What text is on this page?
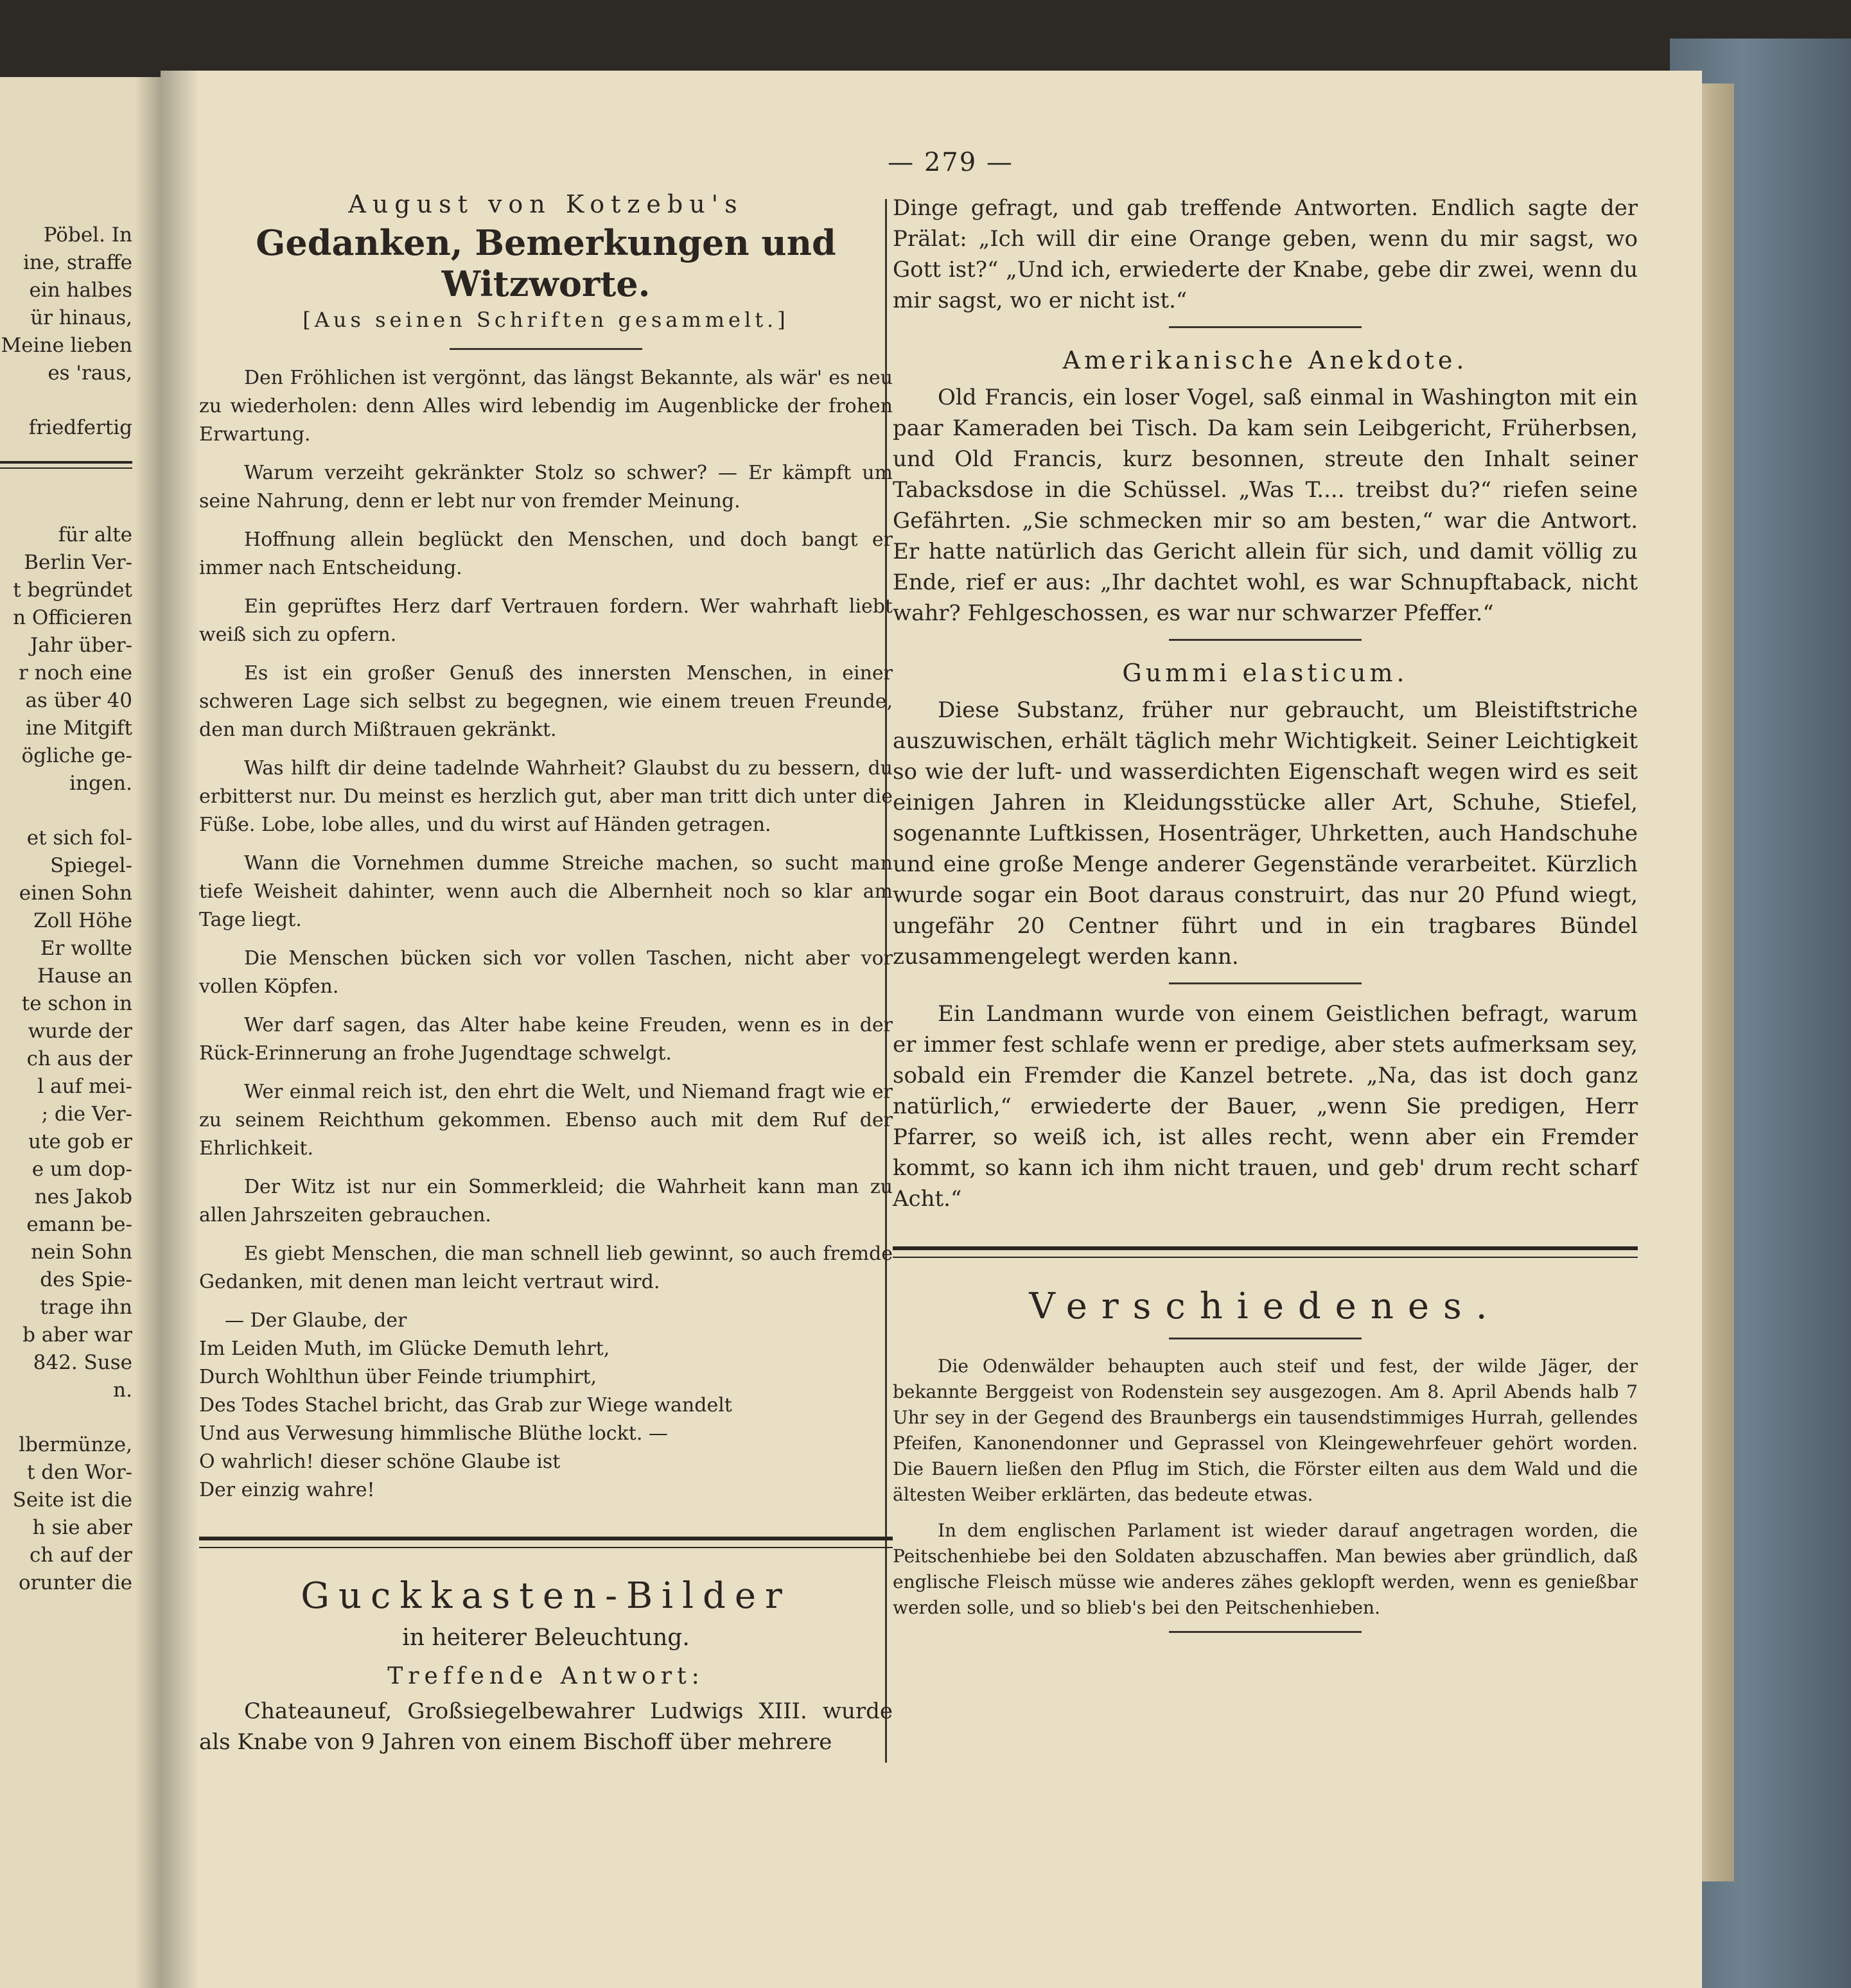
Pöbel. In
ine, straffe
ein halbes
ür hinaus,
Meine lieben
es 'raus,
friedfertig
für alte
Berlin Ver-
t begründet
n Officieren
Jahr über-
r noch eine
as über 40
ine Mitgift
ögliche ge-
ingen.
et sich fol-
Spiegel-
einen Sohn
Zoll Höhe
Er wollte
Hause an
te schon in
wurde der
ch aus der
l auf mei-
; die Ver-
ute gob er
e um dop-
nes Jakob
emann be-
nein Sohn
des Spie-
trage ihn
b aber war
842. Suse
n.
lbermünze,
t den Wor-
Seite ist die
h sie aber
ch auf der
orunter die
— 279 —

August von Kotzebu's

Gedanken, Bemerkungen und Witzworte.

[Aus seinen Schriften gesammelt.]

Den Fröhlichen ist vergönnt, das längst Bekannte, als wär' es neu zu wiederholen: denn Alles wird lebendig im Augenblicke der frohen Erwartung.

Warum verzeiht gekränkter Stolz so schwer? — Er kämpft um seine Nahrung, denn er lebt nur von fremder Meinung.

Hoffnung allein beglückt den Menschen, und doch bangt er immer nach Entscheidung.

Ein geprüftes Herz darf Vertrauen fordern. Wer wahrhaft liebt weiß sich zu opfern.

Es ist ein großer Genuß des innersten Menschen, in einer schweren Lage sich selbst zu begegnen, wie einem treuen Freunde, den man durch Mißtrauen gekränkt.

Was hilft dir deine tadelnde Wahrheit? Glaubst du zu bessern, du erbitterst nur. Du meinst es herzlich gut, aber man tritt dich unter die Füße. Lobe, lobe alles, und du wirst auf Händen getragen.

Wann die Vornehmen dumme Streiche machen, so sucht man tiefe Weisheit dahinter, wenn auch die Albernheit noch so klar am Tage liegt.

Die Menschen bücken sich vor vollen Taschen, nicht aber vor vollen Köpfen.

Wer darf sagen, das Alter habe keine Freuden, wenn es in der Rück-Erinnerung an frohe Jugendtage schwelgt.

Wer einmal reich ist, den ehrt die Welt, und Niemand fragt wie er zu seinem Reichthum gekommen. Ebenso auch mit dem Ruf der Ehrlichkeit.

Der Witz ist nur ein Sommerkleid; die Wahrheit kann man zu allen Jahrszeiten gebrauchen.

Es giebt Menschen, die man schnell lieb gewinnt, so auch fremde Gedanken, mit denen man leicht vertraut wird.

— Der Glaube, der

Im Leiden Muth, im Glücke Demuth lehrt,

Durch Wohlthun über Feinde triumphirt,

Des Todes Stachel bricht, das Grab zur Wiege wandelt

Und aus Verwesung himmlische Blüthe lockt. —

O wahrlich! dieser schöne Glaube ist

Der einzig wahre!

Guckkasten-Bilder

in heiterer Beleuchtung.

Treffende Antwort:

Chateauneuf, Großsiegelbewahrer Ludwigs XIII. wurde als Knabe von 9 Jahren von einem Bischoff über mehrere

Dinge gefragt, und gab treffende Antworten. Endlich sagte der Prälat: „Ich will dir eine Orange geben, wenn du mir sagst, wo Gott ist?“ „Und ich, erwiederte der Knabe, gebe dir zwei, wenn du mir sagst, wo er nicht ist.“

Amerikanische Anekdote.

Old Francis, ein loser Vogel, saß einmal in Washington mit ein paar Kameraden bei Tisch. Da kam sein Leibgericht, Früherbsen, und Old Francis, kurz besonnen, streute den Inhalt seiner Tabacksdose in die Schüssel. „Was T.... treibst du?“ riefen seine Gefährten. „Sie schmecken mir so am besten,“ war die Antwort. Er hatte natürlich das Gericht allein für sich, und damit völlig zu Ende, rief er aus: „Ihr dachtet wohl, es war Schnupftaback, nicht wahr? Fehlgeschossen, es war nur schwarzer Pfeffer.“

Gummi elasticum.

Diese Substanz, früher nur gebraucht, um Bleistiftstriche auszuwischen, erhält täglich mehr Wichtigkeit. Seiner Leichtigkeit so wie der luft- und wasserdichten Eigenschaft wegen wird es seit einigen Jahren in Kleidungsstücke aller Art, Schuhe, Stiefel, sogenannte Luftkissen, Hosenträger, Uhrketten, auch Handschuhe und eine große Menge anderer Gegenstände verarbeitet. Kürzlich wurde sogar ein Boot daraus construirt, das nur 20 Pfund wiegt, ungefähr 20 Centner führt und in ein tragbares Bündel zusammengelegt werden kann.

Ein Landmann wurde von einem Geistlichen befragt, warum er immer fest schlafe wenn er predige, aber stets aufmerksam sey, sobald ein Fremder die Kanzel betrete. „Na, das ist doch ganz natürlich,“ erwiederte der Bauer, „wenn Sie predigen, Herr Pfarrer, so weiß ich, ist alles recht, wenn aber ein Fremder kommt, so kann ich ihm nicht trauen, und geb' drum recht scharf Acht.“

Verschiedenes.

Die Odenwälder behaupten auch steif und fest, der wilde Jäger, der bekannte Berggeist von Rodenstein sey ausgezogen. Am 8. April Abends halb 7 Uhr sey in der Gegend des Braunbergs ein tausendstimmiges Hurrah, gellendes Pfeifen, Kanonendonner und Geprassel von Kleingewehrfeuer gehört worden. Die Bauern ließen den Pflug im Stich, die Förster eilten aus dem Wald und die ältesten Weiber erklärten, das bedeute etwas.

In dem englischen Parlament ist wieder darauf angetragen worden, die Peitschenhiebe bei den Soldaten abzuschaffen. Man bewies aber gründlich, daß englische Fleisch müsse wie anderes zähes geklopft werden, wenn es genießbar werden solle, und so blieb's bei den Peitschenhieben.
